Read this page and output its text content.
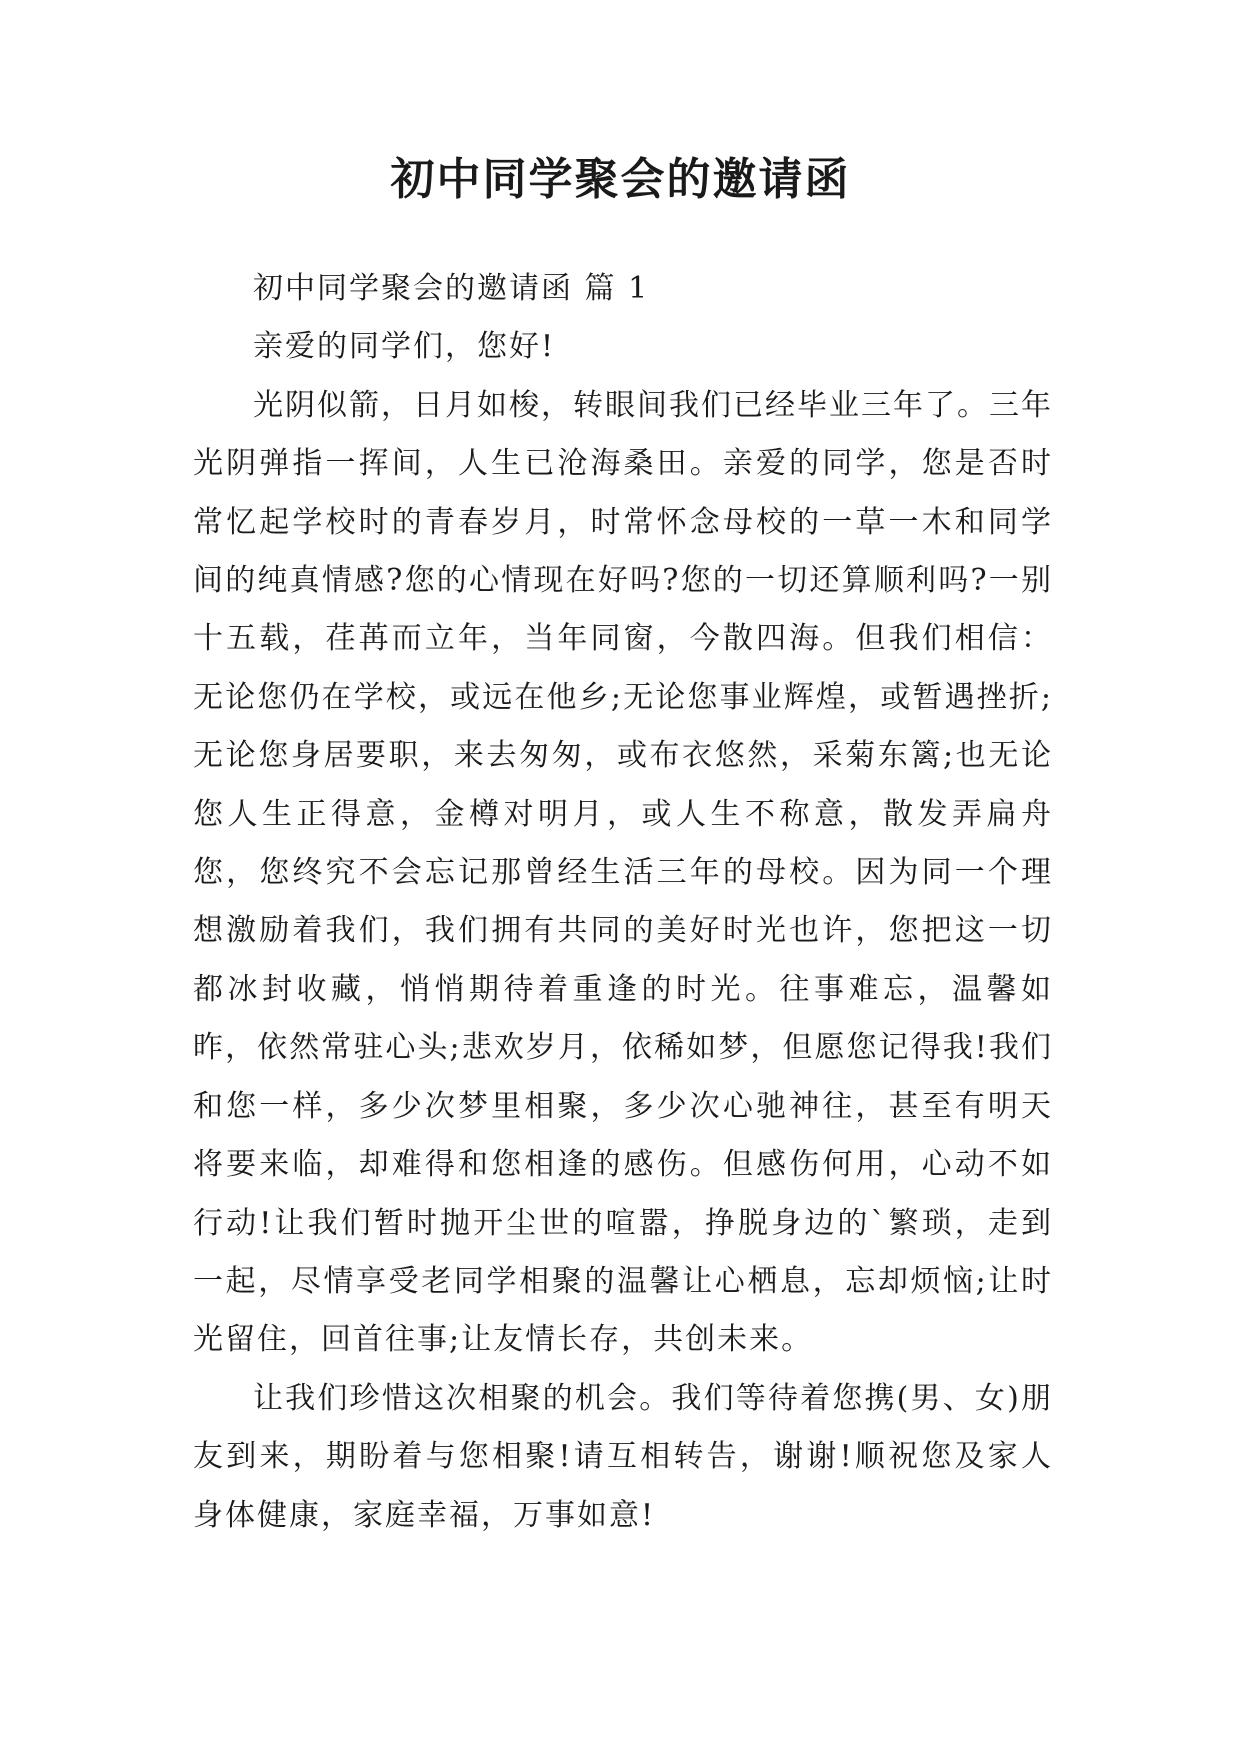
初中同学聚会的邀请函

初中同学聚会的邀请函 篇 1

亲爱的同学们，您好!

光阴似箭，日月如梭，转眼间我们已经毕业三年了。三年光阴弹指一挥间，人生已沧海桑田。亲爱的同学，您是否时常忆起学校时的青春岁月，时常怀念母校的一草一木和同学间的纯真情感?您的心情现在好吗?您的一切还算顺利吗?一别十五载，荏苒而立年，当年同窗，今散四海。但我们相信：无论您仍在学校，或远在他乡;无论您事业辉煌，或暂遇挫折;无论您身居要职，来去匆匆，或布衣悠然，采菊东篱;也无论您人生正得意，金樽对明月，或人生不称意，散发弄扁舟您，您终究不会忘记那曾经生活三年的母校。因为同一个理想激励着我们，我们拥有共同的美好时光也许，您把这一切都冰封收藏，悄悄期待着重逢的时光。往事难忘，温馨如昨，依然常驻心头;悲欢岁月，依稀如梦，但愿您记得我!我们和您一样，多少次梦里相聚，多少次心驰神往，甚至有明天将要来临，却难得和您相逢的感伤。但感伤何用，心动不如行动!让我们暂时抛开尘世的喧嚣，挣脱身边的`繁琐，走到一起，尽情享受老同学相聚的温馨让心栖息，忘却烦恼;让时光留住，回首往事;让友情长存，共创未来。

让我们珍惜这次相聚的机会。我们等待着您携(男、女)朋友到来，期盼着与您相聚!请互相转告，谢谢!顺祝您及家人身体健康，家庭幸福，万事如意!
